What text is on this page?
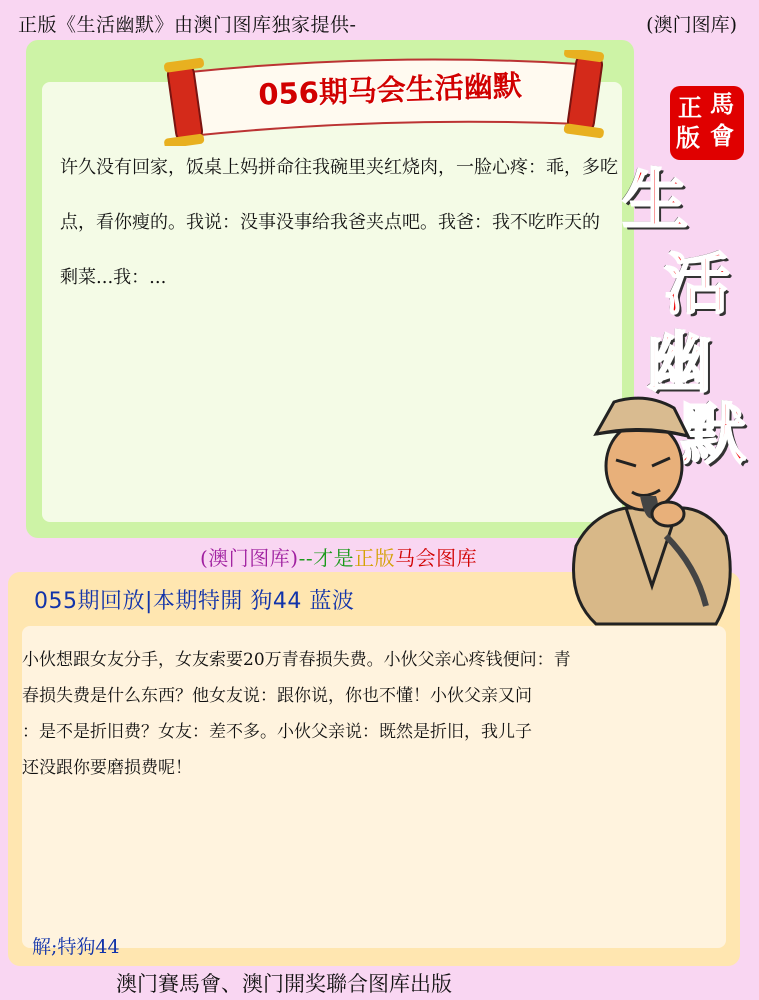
正版《生活幽默》由澳门图库独家提供-	(澳门图库)
056期马会生活幽默
许久没有回家，饭桌上妈拼命往我碗里夹红烧肉，一脸心疼：乖，多吃
点，看你瘦的。我说：没事没事给我爸夹点吧。我爸：我不吃昨天的
剩菜...我：...
正 馬
版 會
生
活
幽
默
(澳门图库)--才是正版马会图库
055期回放|本期特開 狗44 蓝波
小伙想跟女友分手，女友索要20万青春损失费。小伙父亲心疼钱便问：青
春损失费是什么东西？他女友说：跟你说，你也不懂！小伙父亲又问
：是不是折旧费？女友：差不多。小伙父亲说：既然是折旧，我儿子
还没跟你要磨损费呢！
解;特狗44
澳门賽馬會、澳门開奖聯合图库出版
